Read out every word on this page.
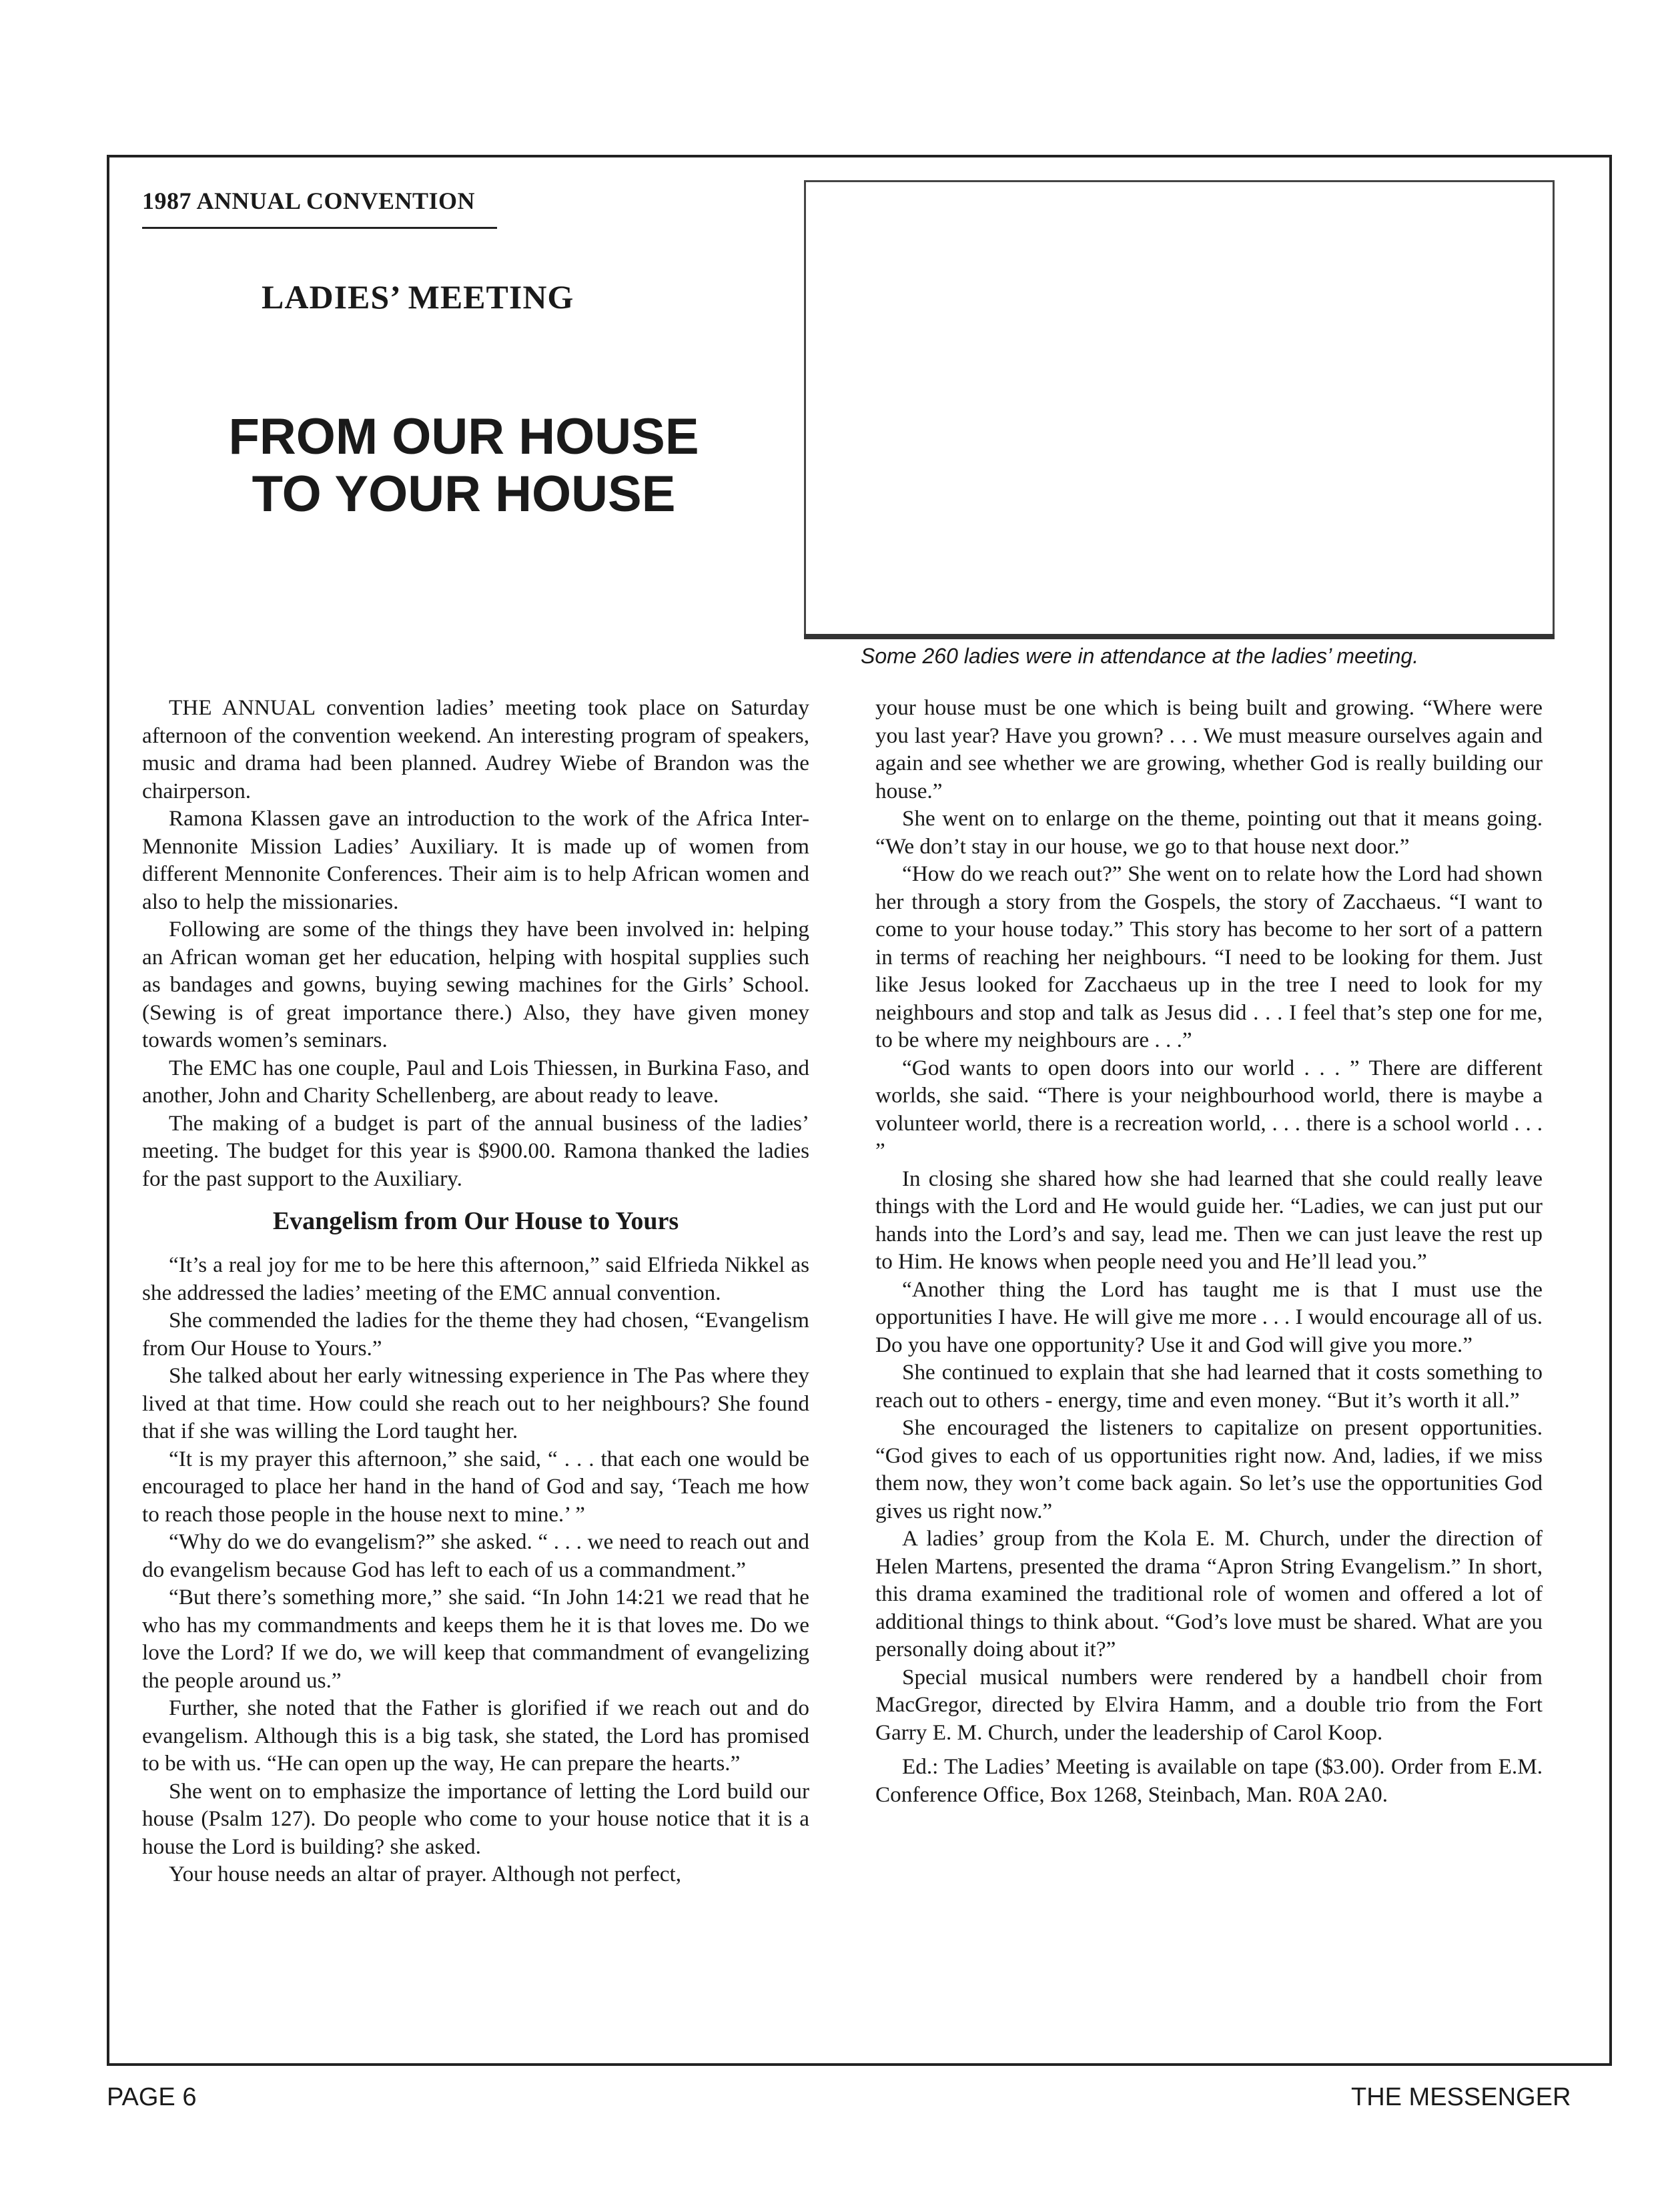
1987 ANNUAL CONVENTION
LADIES’ MEETING
FROM OUR HOUSE
TO YOUR HOUSE
Some 260 ladies were in attendance at the ladies’ meeting.

THE ANNUAL convention ladies’ meeting took place on Saturday afternoon of the convention weekend. An interesting program of speakers, music and drama had been planned. Audrey Wiebe of Brandon was the chairperson.

Ramona Klassen gave an introduction to the work of the Africa Inter-Mennonite Mission Ladies’ Auxiliary. It is made up of women from different Mennonite Conferences. Their aim is to help African women and also to help the missionaries.

Following are some of the things they have been involved in: helping an African woman get her education, helping with hospital supplies such as bandages and gowns, buying sewing machines for the Girls’ School. (Sewing is of great importance there.) Also, they have given money towards women’s seminars.

The EMC has one couple, Paul and Lois Thiessen, in Burkina Faso, and another, John and Charity Schellenberg, are about ready to leave.

The making of a budget is part of the annual business of the ladies’ meeting. The budget for this year is $900.00. Ramona thanked the ladies for the past support to the Auxiliary.

Evangelism from Our House to Yours

“It’s a real joy for me to be here this afternoon,” said Elfrieda Nikkel as she addressed the ladies’ meeting of the EMC annual convention.

She commended the ladies for the theme they had chosen, “Evangelism from Our House to Yours.”

She talked about her early witnessing experience in The Pas where they lived at that time. How could she reach out to her neighbours? She found that if she was willing the Lord taught her.

“It is my prayer this afternoon,” she said, “ . . . that each one would be encouraged to place her hand in the hand of God and say, ‘Teach me how to reach those people in the house next to mine.’ ”

“Why do we do evangelism?” she asked. “ . . . we need to reach out and do evangelism because God has left to each of us a commandment.”

“But there’s something more,” she said. “In John 14:21 we read that he who has my commandments and keeps them he it is that loves me. Do we love the Lord? If we do, we will keep that commandment of evangelizing the people around us.”

Further, she noted that the Father is glorified if we reach out and do evangelism. Although this is a big task, she stated, the Lord has promised to be with us. “He can open up the way, He can prepare the hearts.”

She went on to emphasize the importance of letting the Lord build our house (Psalm 127). Do people who come to your house notice that it is a house the Lord is building? she asked.

Your house needs an altar of prayer. Although not perfect,

your house must be one which is being built and growing. “Where were you last year? Have you grown? . . . We must measure ourselves again and again and see whether we are growing, whether God is really building our house.”

She went on to enlarge on the theme, pointing out that it means going. “We don’t stay in our house, we go to that house next door.”

“How do we reach out?” She went on to relate how the Lord had shown her through a story from the Gospels, the story of Zacchaeus. “I want to come to your house today.” This story has become to her sort of a pattern in terms of reaching her neighbours. “I need to be looking for them. Just like Jesus looked for Zacchaeus up in the tree I need to look for my neighbours and stop and talk as Jesus did . . . I feel that’s step one for me, to be where my neighbours are . . .”

“God wants to open doors into our world . . . ” There are different worlds, she said. “There is your neighbourhood world, there is maybe a volunteer world, there is a recreation world, . . . there is a school world . . . ”

In closing she shared how she had learned that she could really leave things with the Lord and He would guide her. “Ladies, we can just put our hands into the Lord’s and say, lead me. Then we can just leave the rest up to Him. He knows when people need you and He’ll lead you.”

“Another thing the Lord has taught me is that I must use the opportunities I have. He will give me more . . . I would encourage all of us. Do you have one opportunity? Use it and God will give you more.”

She continued to explain that she had learned that it costs something to reach out to others - energy, time and even money. “But it’s worth it all.”

She encouraged the listeners to capitalize on present opportunities. “God gives to each of us opportunities right now. And, ladies, if we miss them now, they won’t come back again. So let’s use the opportunities God gives us right now.”

A ladies’ group from the Kola E. M. Church, under the direction of Helen Martens, presented the drama “Apron String Evangelism.” In short, this drama examined the traditional role of women and offered a lot of additional things to think about. “God’s love must be shared. What are you personally doing about it?”

Special musical numbers were rendered by a handbell choir from MacGregor, directed by Elvira Hamm, and a double trio from the Fort Garry E. M. Church, under the leadership of Carol Koop.

Ed.: The Ladies’ Meeting is available on tape ($3.00). Order from E.M. Conference Office, Box 1268, Steinbach, Man. R0A 2A0.

PAGE 6	THE MESSENGER
